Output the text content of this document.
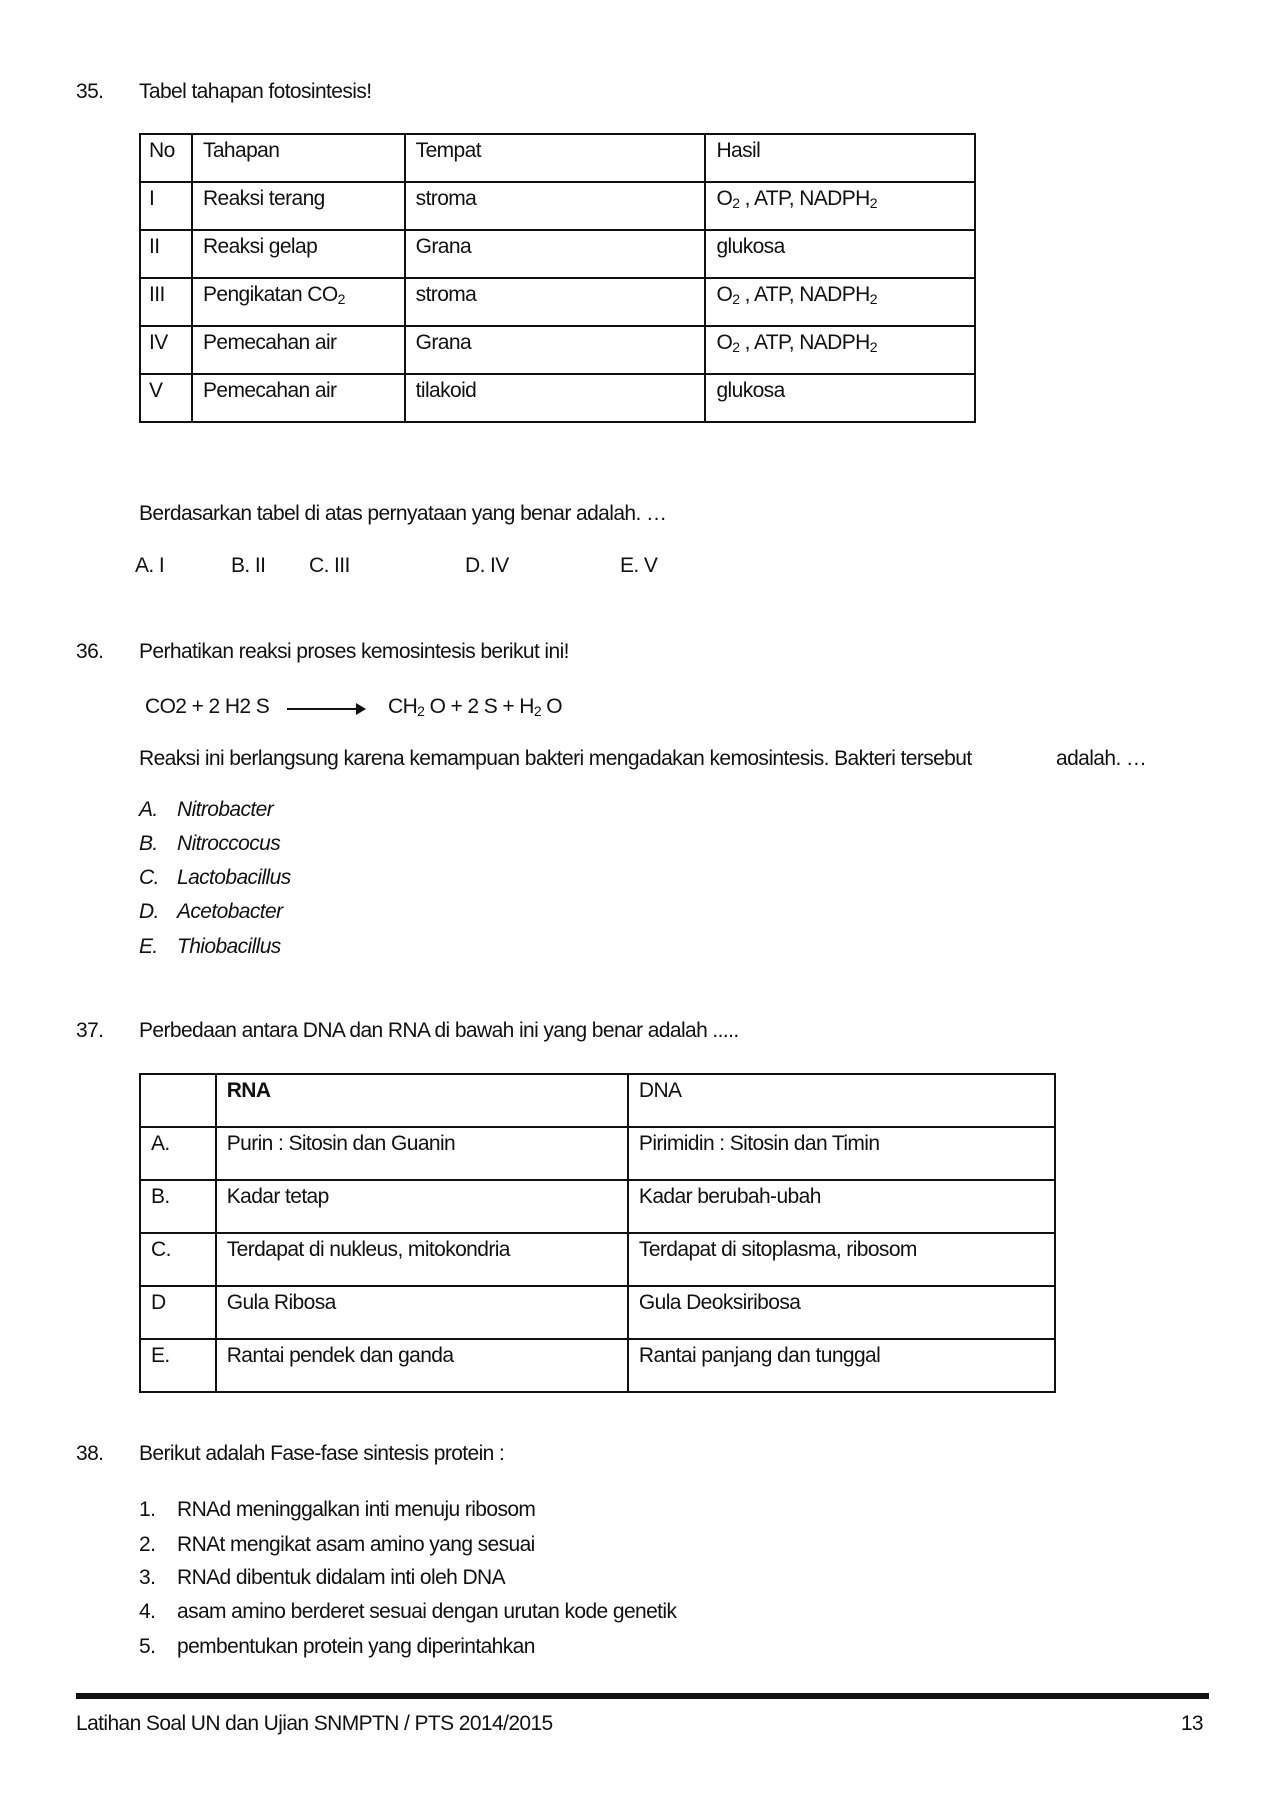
35. Tabel tahapan fotosintesis!
No	Tahapan	Tempat	Hasil
I	Reaksi terang	stroma	$O_2$ , ATP, $NADPH_2$
II	Reaksi gelap	Grana	glukosa
III	Pengikatan $CO_2$	stroma	$O_2$ , ATP, $NADPH_2$
IV	Pemecahan air	Grana	$O_2$ , ATP, $NADPH_2$
V	Pemecahan air	tilakoid	glukosa
Berdasarkan tabel di atas pernyataan yang benar adalah. …
A. I	B. II C. III	D. IV	E. V
36. Perhatikan reaksi proses kemosintesis berikut ini!
CO2 + 2 H2 S	$CH_2$ O + 2 $S + H_2$ O
Reaksi ini berlangsung karena kemampuan bakteri mengadakan kemosintesis. Bakteri tersebut	adalah. …
A. Nitrobacter
B. Nitroccocus
C. Lactobacillus
D. Acetobacter
E. Thiobacillus
37. Perbedaan antara DNA dan RNA di bawah ini yang benar adalah .....
	RNA	DNA
A.	Purin : Sitosin dan Guanin	Pirimidin : Sitosin dan Timin
B.	Kadar tetap	Kadar berubah-ubah
C.	Terdapat di nukleus, mitokondria	Terdapat di sitoplasma, ribosom
D	Gula Ribosa	Gula Deoksiribosa
E.	Rantai pendek dan ganda	Rantai panjang dan tunggal
38. Berikut adalah Fase-fase sintesis protein :
1. RNAd meninggalkan inti menuju ribosom
2. RNAt mengikat asam amino yang sesuai
3. RNAd dibentuk didalam inti oleh DNA
4. asam amino berderet sesuai dengan urutan kode genetik
5. pembentukan protein yang diperintahkan
Latihan Soal UN dan Ujian SNMPTN / PTS 2014/2015	13
